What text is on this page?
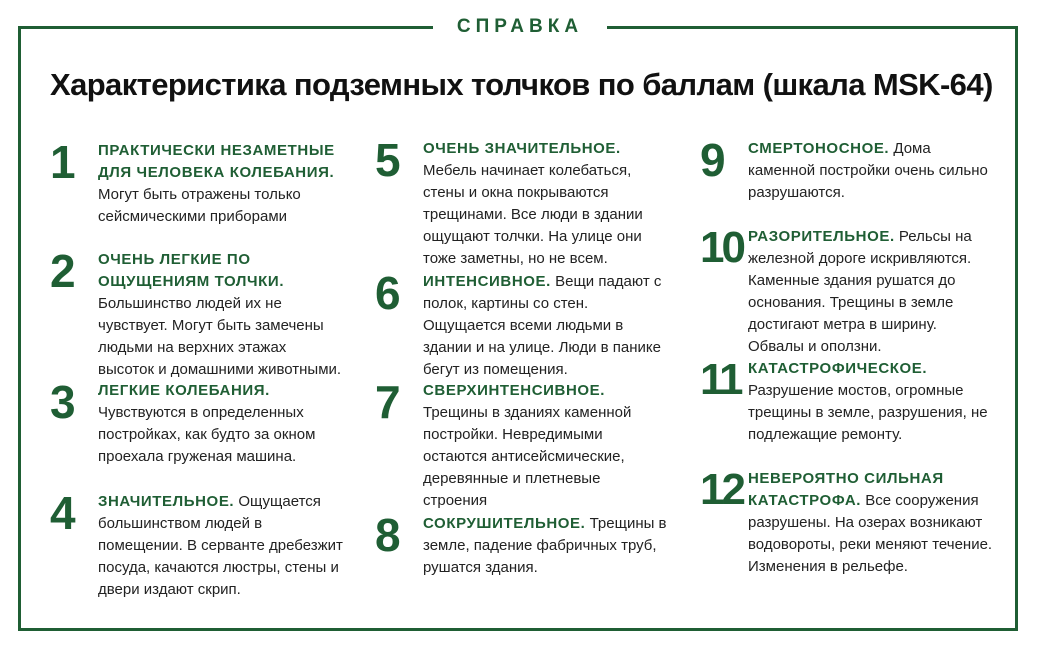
СПРАВКА
Характеристика подземных толчков по баллам (шкала MSK-64)
1 ПРАКТИЧЕСКИ НЕЗАМЕТНЫЕ ДЛЯ ЧЕЛОВЕКА КОЛЕБАНИЯ. Могут быть отражены только сейсмическими приборами
2 ОЧЕНЬ ЛЕГКИЕ ПО ОЩУЩЕНИЯМ ТОЛЧКИ. Большинство людей их не чувствует. Могут быть замечены людьми на верхних этажах высоток и домашними животными.
3 ЛЕГКИЕ КОЛЕБАНИЯ. Чувствуются в определенных постройках, как будто за окном проехала груженая машина.
4 ЗНАЧИТЕЛЬНОЕ. Ощущается большинством людей в помещении. В серванте дребезжит посуда, качаются люстры, стены и двери издают скрип.
5 ОЧЕНЬ ЗНАЧИТЕЛЬНОЕ. Мебель начинает колебаться, стены и окна покрываются трещинами. Все люди в здании ощущают толчки. На улице они тоже заметны, но не всем.
6 ИНТЕНСИВНОЕ. Вещи падают с полок, картины со стен. Ощущается всеми людьми в здании и на улице. Люди в панике бегут из помещения.
7 СВЕРХИНТЕНСИВНОЕ. Трещины в зданиях каменной постройки. Невредимыми остаются антисейсмические, деревянные и плетневые строения
8 СОКРУШИТЕЛЬНОЕ. Трещины в земле, падение фабричных труб, рушатся здания.
9 СМЕРТОНОСНОЕ. Дома каменной постройки очень сильно разрушаются.
10 РАЗОРИТЕЛЬНОЕ. Рельсы на железной дороге искривляются. Каменные здания рушатся до основания. Трещины в земле достигают метра в ширину. Обвалы и оползни.
11 КАТАСТРОФИЧЕСКОЕ. Разрушение мостов, огромные трещины в земле, разрушения, не подлежащие ремонту.
12 НЕВЕРОЯТНО СИЛЬНАЯ КАТАСТРОФА. Все сооружения разрушены. На озерах возникают водовороты, реки меняют течение. Изменения в рельефе.
